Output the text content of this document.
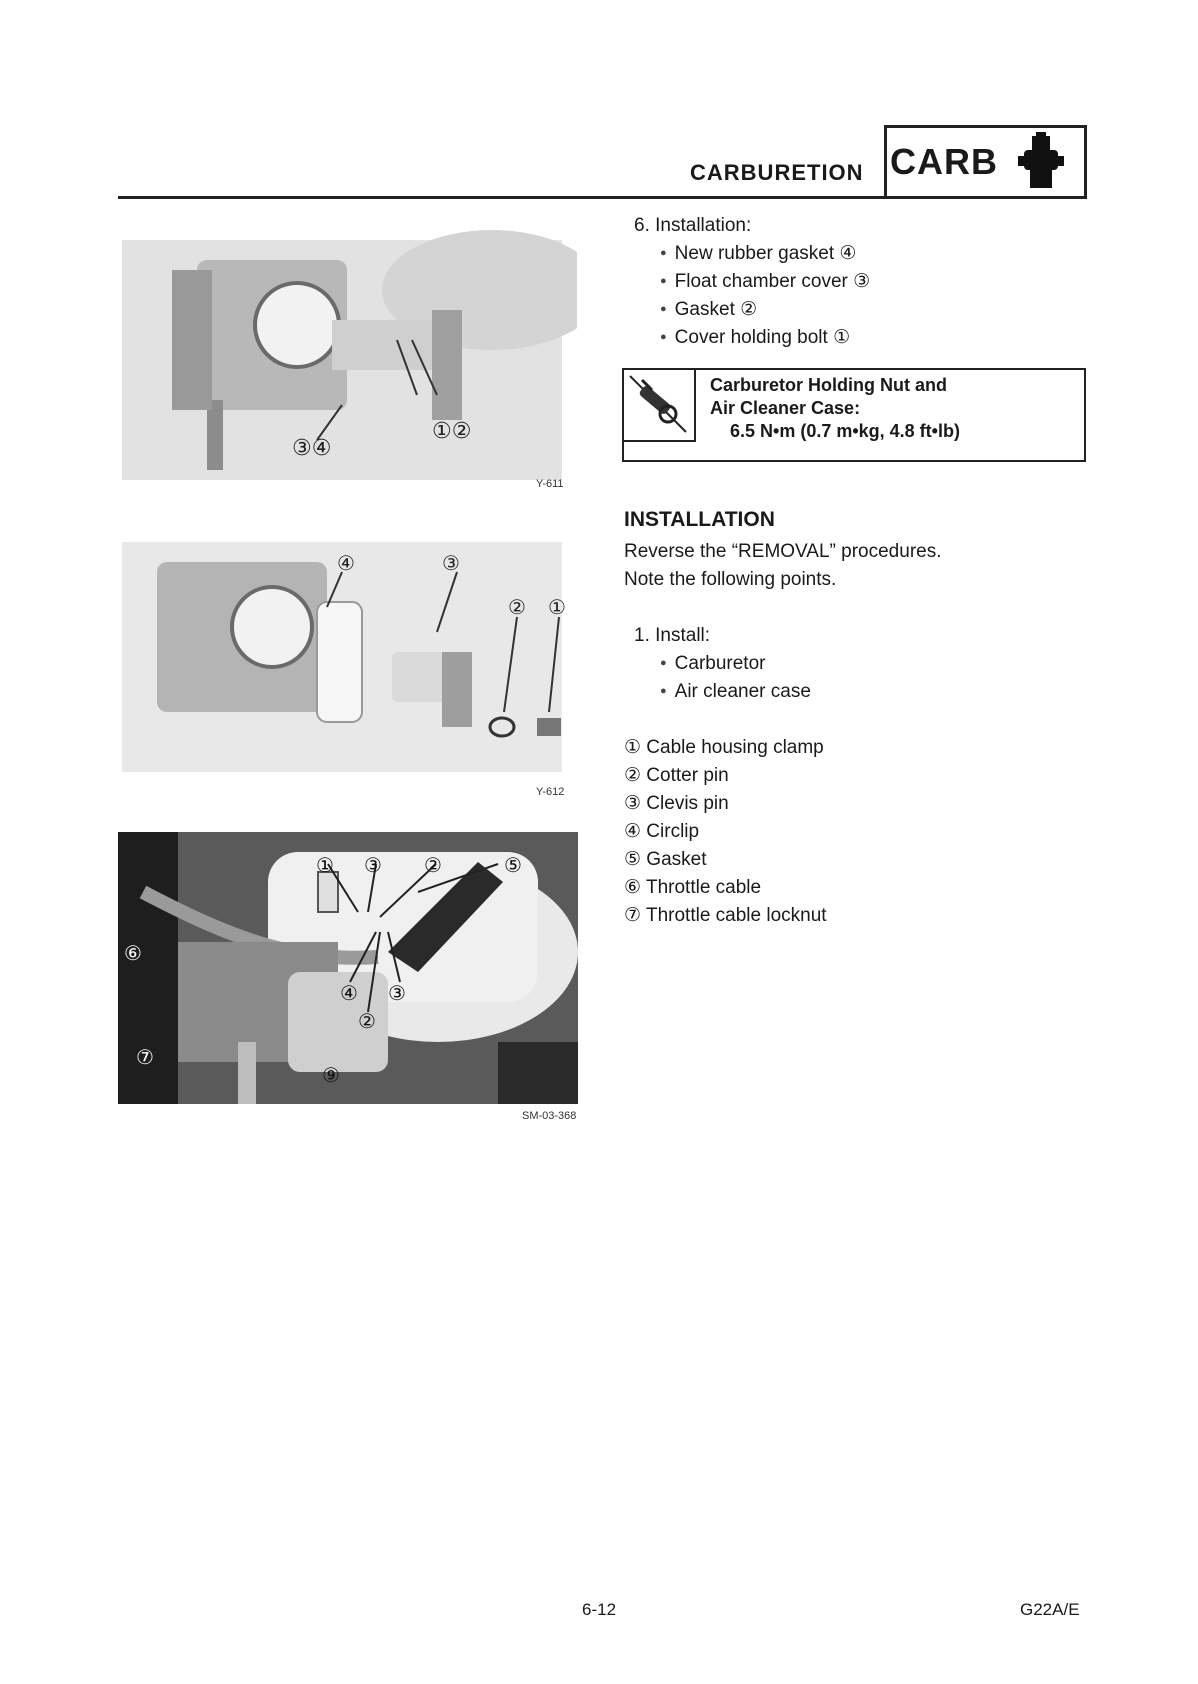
CARBURETION CARB
③④
①②
Y-611
④	③
② ①
Y-612
① ③ ②	⑤
⑥
⑦
④ ③
②
⑨
SM-03-368
6. Installation:
● New rubber gasket ④
● Float chamber cover ③
● Gasket ②
● Cover holding bolt ①
Carburetor Holding Nut and
Air Cleaner Case:
6.5 N•m (0.7 m•kg, 4.8 ft•lb)
INSTALLATION
Reverse the “REMOVAL” procedures.
Note the following points.
1. Install:
● Carburetor
● Air cleaner case
① Cable housing clamp
② Cotter pin
③ Clevis pin
④ Circlip
⑤ Gasket
⑥ Throttle cable
⑦ Throttle cable locknut
6-12	G22A/E
